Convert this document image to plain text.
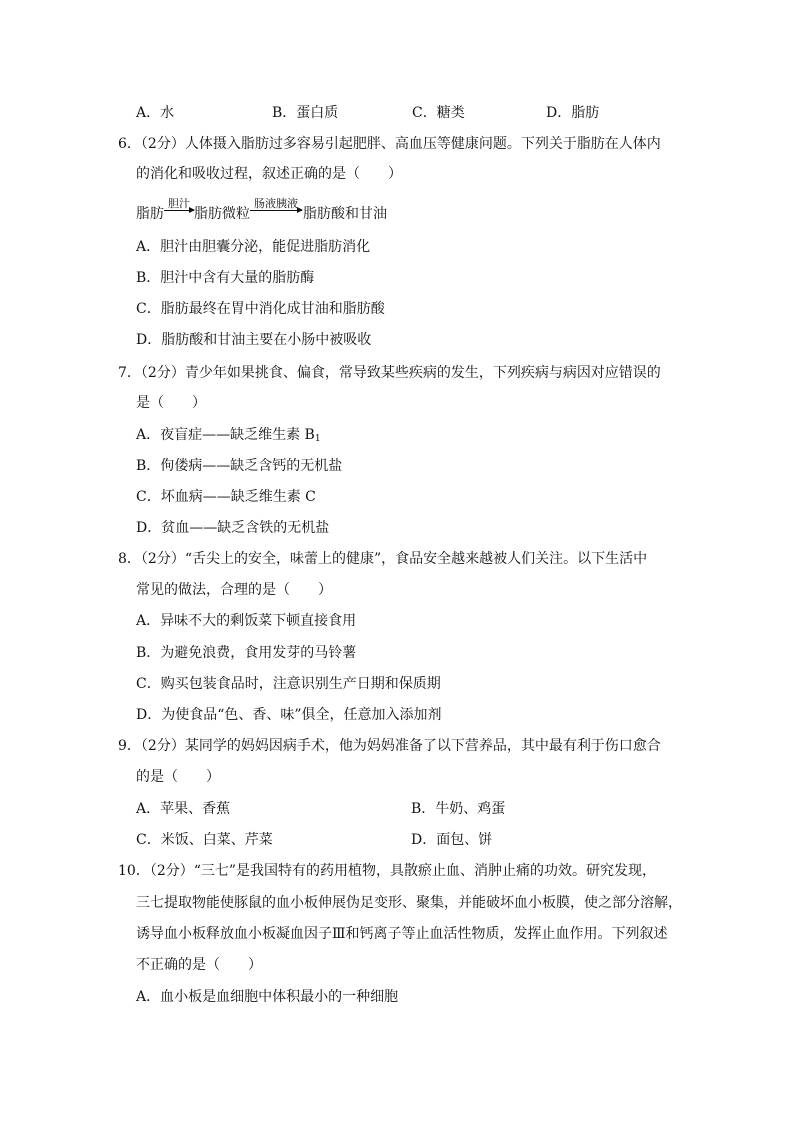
A．水	B．蛋白质	C．糖类	D．脂肪
6．（2分）人体摄入脂肪过多容易引起肥胖、高血压等健康问题。下列关于脂肪在人体内
的消化和吸收过程，叙述正确的是（　　）
脂肪
胆汁
脂肪微粒
肠液胰液
脂肪酸和甘油
A．胆汁由胆囊分泌，能促进脂肪消化
B．胆汁中含有大量的脂肪酶
C．脂肪最终在胃中消化成甘油和脂肪酸
D．脂肪酸和甘油主要在小肠中被吸收
7．（2分）青少年如果挑食、偏食，常导致某些疾病的发生，下列疾病与病因对应错误的
是（　　）
A．夜盲症——缺乏维生素 $B_1$
B．佝偻病——缺乏含钙的无机盐
C．坏血病——缺乏维生素 C
D．贫血——缺乏含铁的无机盐
8．（2分）“舌尖上的安全，味蕾上的健康”，食品安全越来越被人们关注。以下生活中
常见的做法，合理的是（　　）
A．异味不大的剩饭菜下顿直接食用
B．为避免浪费，食用发芽的马铃薯
C．购买包装食品时，注意识别生产日期和保质期
D．为使食品“色、香、味”俱全，任意加入添加剂
9．（2分）某同学的妈妈因病手术，他为妈妈准备了以下营养品，其中最有利于伤口愈合
的是（　　）
A．苹果、香蕉	B．牛奶、鸡蛋
C．米饭、白菜、芹菜	D．面包、饼
10．（2分）“三七”是我国特有的药用植物，具散瘀止血、消肿止痛的功效。研究发现，
三七提取物能使豚鼠的血小板伸展伪足变形、聚集，并能破坏血小板膜，使之部分溶解，
诱导血小板释放血小板凝血因子Ⅲ和钙离子等止血活性物质，发挥止血作用。下列叙述
不正确的是（　　）
A．血小板是血细胞中体积最小的一种细胞
